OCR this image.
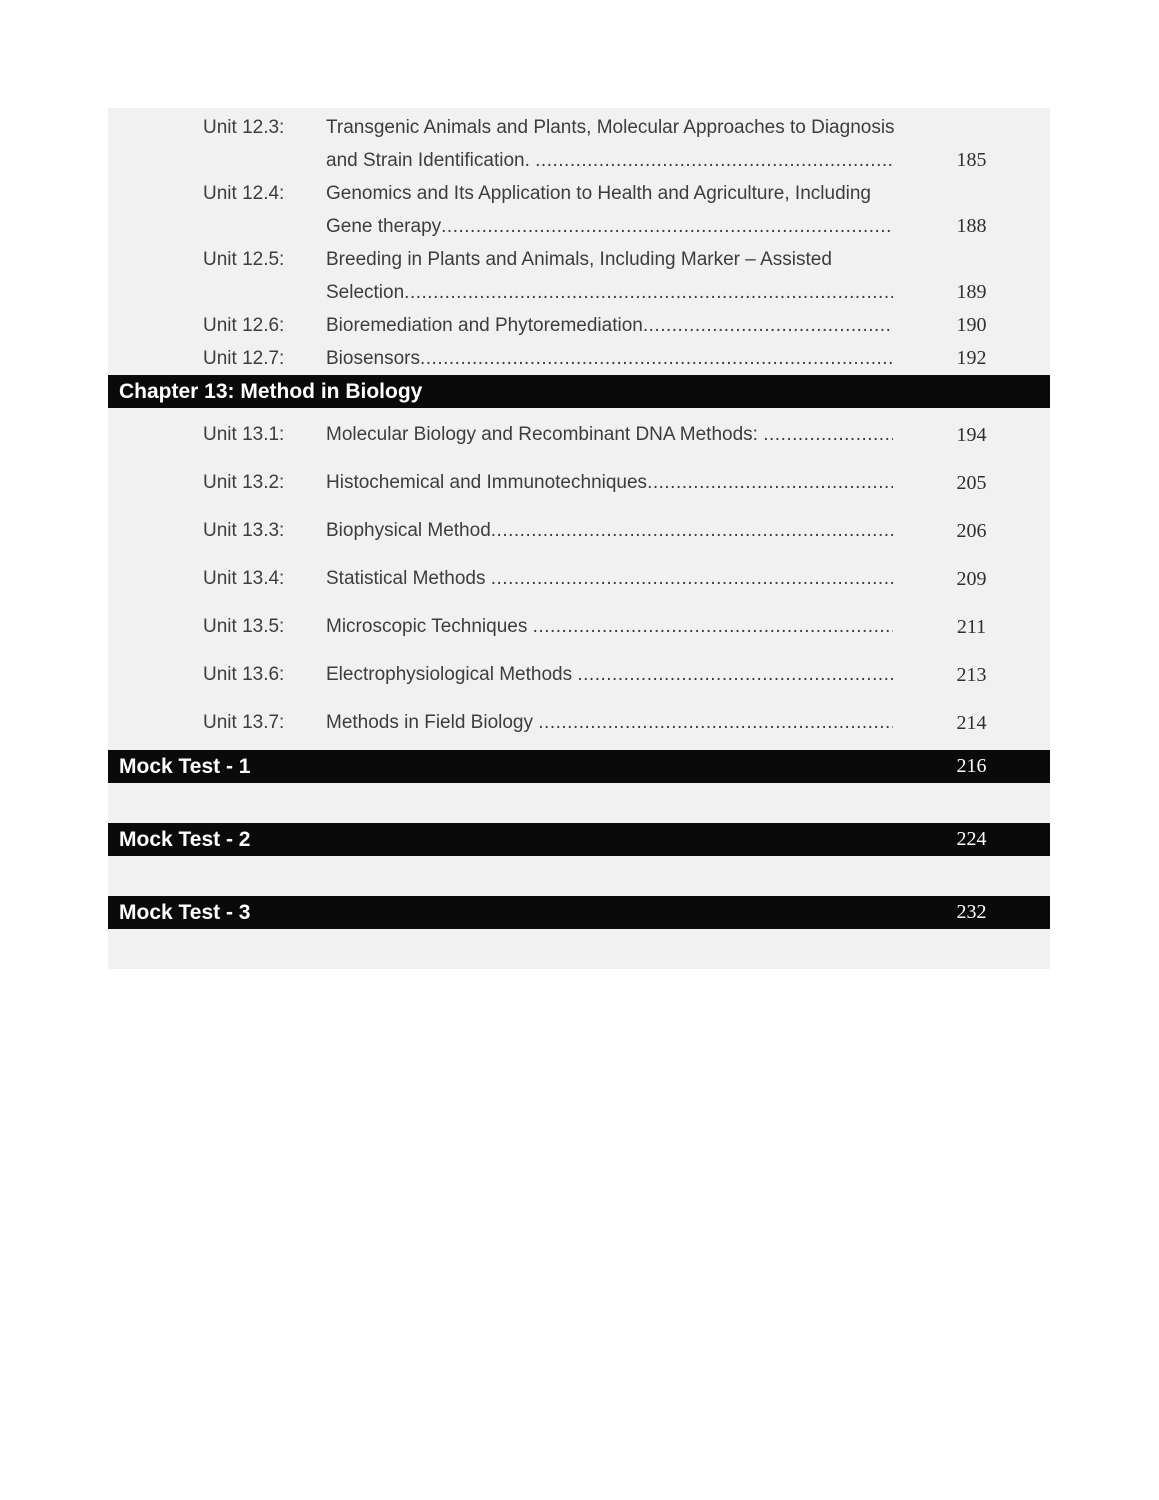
Unit 12.3:	Transgenic Animals and Plants, Molecular Approaches to Diagnosis
and Strain Identification. .....	185
Unit 12.4:	Genomics and Its Application to Health and Agriculture, Including
Gene therapy .....	188
Unit 12.5:	Breeding in Plants and Animals, Including Marker – Assisted
Selection .....	189
Unit 12.6:	Bioremediation and Phytoremediation .....	190
Unit 12.7:	Biosensors .....	192
Chapter 13: Method in Biology
Unit 13.1:	Molecular Biology and Recombinant DNA Methods: .....	194
Unit 13.2:	Histochemical and Immunotechniques .....	205
Unit 13.3:	Biophysical Method .....	206
Unit 13.4:	Statistical Methods .....	209
Unit 13.5:	Microscopic Techniques .....	211
Unit 13.6:	Electrophysiological Methods .....	213
Unit 13.7:	Methods in Field Biology .....	214
Mock Test - 1	216
Mock Test - 2	224
Mock Test - 3	232
